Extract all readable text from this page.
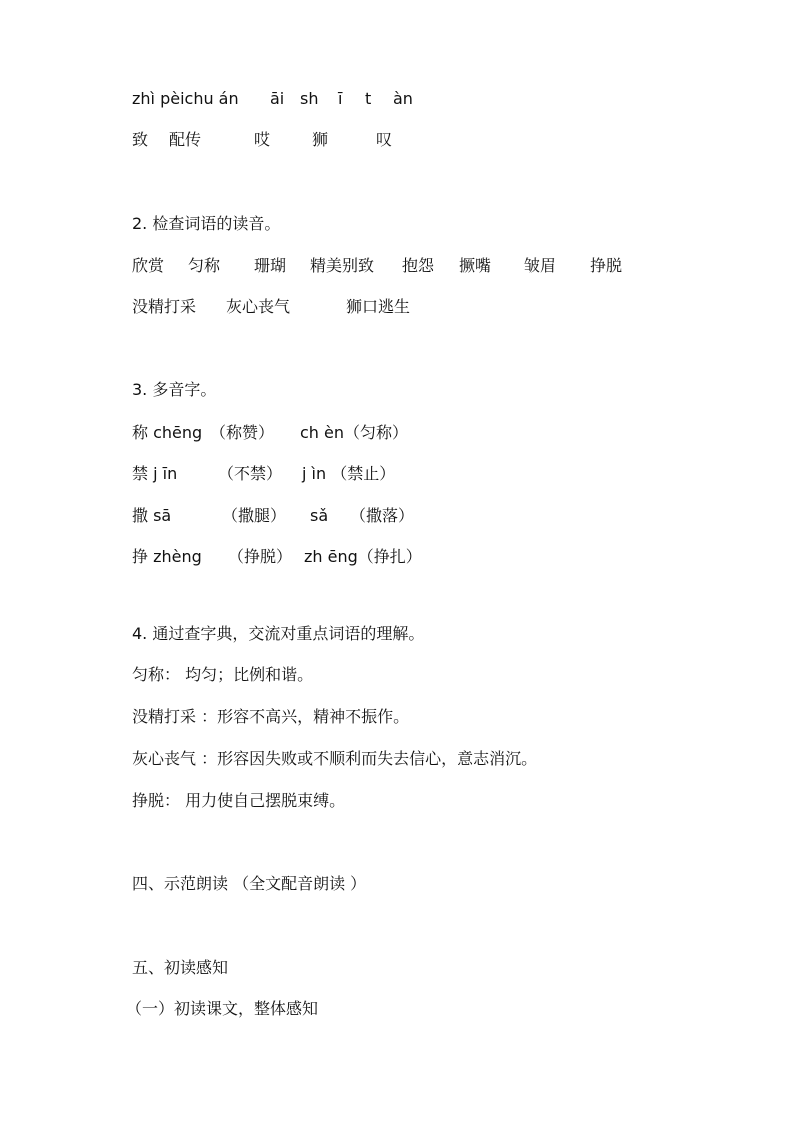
zhì pèichu án āi sh ī t àn
致 配传	哎	狮	叹
2. 检查词语的读音。
欣赏 匀称 珊瑚 精美别致 抱怨 撅嘴 皱眉 挣脱
没精打采 灰心丧气	狮口逃生
3. 多音字。
称 chēng （称赞） ch èn（匀称）
禁 j īn	（不禁） j ìn （禁止）
撒 sā	（撒腿） sǎ （撒落）
挣 zhèng （挣脱） zh ēng（挣扎）
4. 通过查字典，交流对重点词语的理解。
匀称： 均匀；比例和谐。
没精打采 ：形容不高兴，精神不振作。
灰心丧气 ：形容因失败或不顺利而失去信心，意志消沉。
挣脱： 用力使自己摆脱束缚。
四、示范朗读 （全文配音朗读 ）
五、初读感知
（一）初读课文，整体感知
